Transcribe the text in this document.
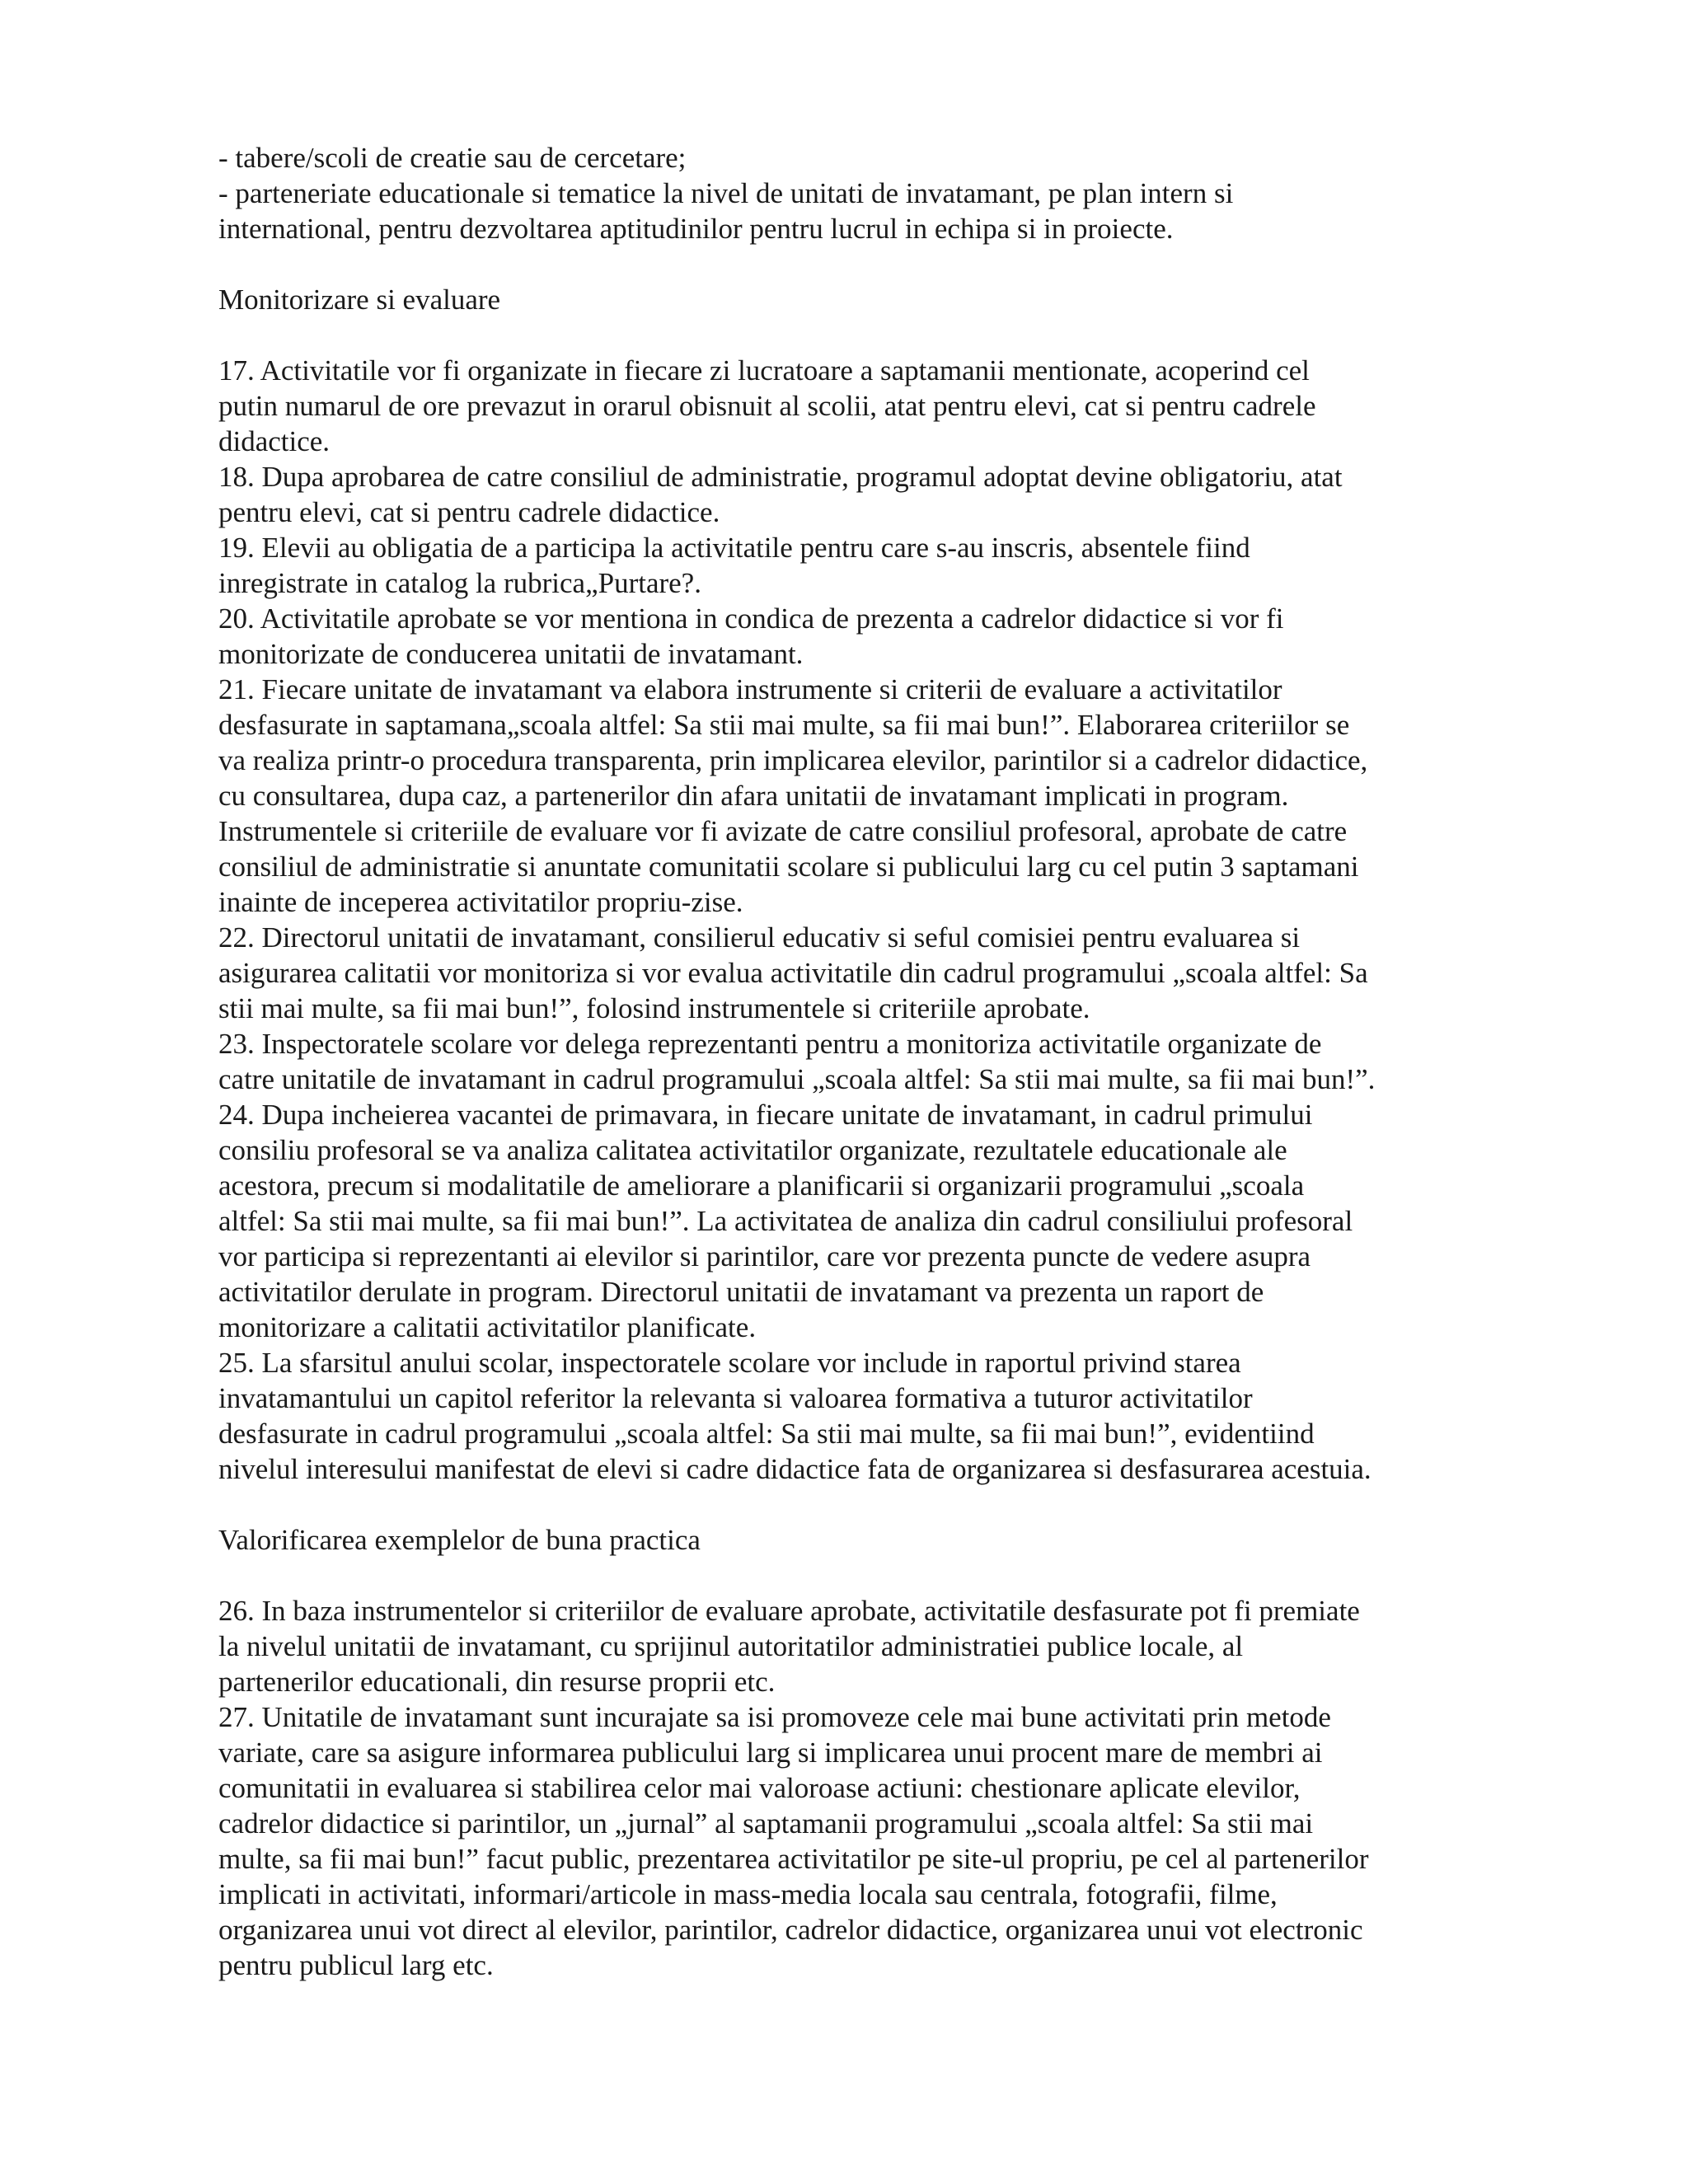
- tabere/scoli de creatie sau de cercetare;
- parteneriate educationale si tematice la nivel de unitati de invatamant, pe plan intern si
international, pentru dezvoltarea aptitudinilor pentru lucrul in echipa si in proiecte.
Monitorizare si evaluare
17. Activitatile vor fi organizate in fiecare zi lucratoare a saptamanii mentionate, acoperind cel
putin numarul de ore prevazut in orarul obisnuit al scolii, atat pentru elevi, cat si pentru cadrele
didactice.
18. Dupa aprobarea de catre consiliul de administratie, programul adoptat devine obligatoriu, atat
pentru elevi, cat si pentru cadrele didactice.
19. Elevii au obligatia de a participa la activitatile pentru care s-au inscris, absentele fiind
inregistrate in catalog la rubrica„Purtare?.
20. Activitatile aprobate se vor mentiona in condica de prezenta a cadrelor didactice si vor fi
monitorizate de conducerea unitatii de invatamant.
21. Fiecare unitate de invatamant va elabora instrumente si criterii de evaluare a activitatilor
desfasurate in saptamana„scoala altfel: Sa stii mai multe, sa fii mai bun!”. Elaborarea criteriilor se
va realiza printr-o procedura transparenta, prin implicarea elevilor, parintilor si a cadrelor didactice,
cu consultarea, dupa caz, a partenerilor din afara unitatii de invatamant implicati in program.
Instrumentele si criteriile de evaluare vor fi avizate de catre consiliul profesoral, aprobate de catre
consiliul de administratie si anuntate comunitatii scolare si publicului larg cu cel putin 3 saptamani
inainte de inceperea activitatilor propriu-zise.
22. Directorul unitatii de invatamant, consilierul educativ si seful comisiei pentru evaluarea si
asigurarea calitatii vor monitoriza si vor evalua activitatile din cadrul programului „scoala altfel: Sa
stii mai multe, sa fii mai bun!”, folosind instrumentele si criteriile aprobate.
23. Inspectoratele scolare vor delega reprezentanti pentru a monitoriza activitatile organizate de
catre unitatile de invatamant in cadrul programului „scoala altfel: Sa stii mai multe, sa fii mai bun!”.
24. Dupa incheierea vacantei de primavara, in fiecare unitate de invatamant, in cadrul primului
consiliu profesoral se va analiza calitatea activitatilor organizate, rezultatele educationale ale
acestora, precum si modalitatile de ameliorare a planificarii si organizarii programului „scoala
altfel: Sa stii mai multe, sa fii mai bun!”. La activitatea de analiza din cadrul consiliului profesoral
vor participa si reprezentanti ai elevilor si parintilor, care vor prezenta puncte de vedere asupra
activitatilor derulate in program. Directorul unitatii de invatamant va prezenta un raport de
monitorizare a calitatii activitatilor planificate.
25. La sfarsitul anului scolar, inspectoratele scolare vor include in raportul privind starea
invatamantului un capitol referitor la relevanta si valoarea formativa a tuturor activitatilor
desfasurate in cadrul programului „scoala altfel: Sa stii mai multe, sa fii mai bun!”, evidentiind
nivelul interesului manifestat de elevi si cadre didactice fata de organizarea si desfasurarea acestuia.
Valorificarea exemplelor de buna practica
26. In baza instrumentelor si criteriilor de evaluare aprobate, activitatile desfasurate pot fi premiate
la nivelul unitatii de invatamant, cu sprijinul autoritatilor administratiei publice locale, al
partenerilor educationali, din resurse proprii etc.
27. Unitatile de invatamant sunt incurajate sa isi promoveze cele mai bune activitati prin metode
variate, care sa asigure informarea publicului larg si implicarea unui procent mare de membri ai
comunitatii in evaluarea si stabilirea celor mai valoroase actiuni: chestionare aplicate elevilor,
cadrelor didactice si parintilor, un „jurnal” al saptamanii programului „scoala altfel: Sa stii mai
multe, sa fii mai bun!” facut public, prezentarea activitatilor pe site-ul propriu, pe cel al partenerilor
implicati in activitati, informari/articole in mass-media locala sau centrala, fotografii, filme,
organizarea unui vot direct al elevilor, parintilor, cadrelor didactice, organizarea unui vot electronic
pentru publicul larg etc.
